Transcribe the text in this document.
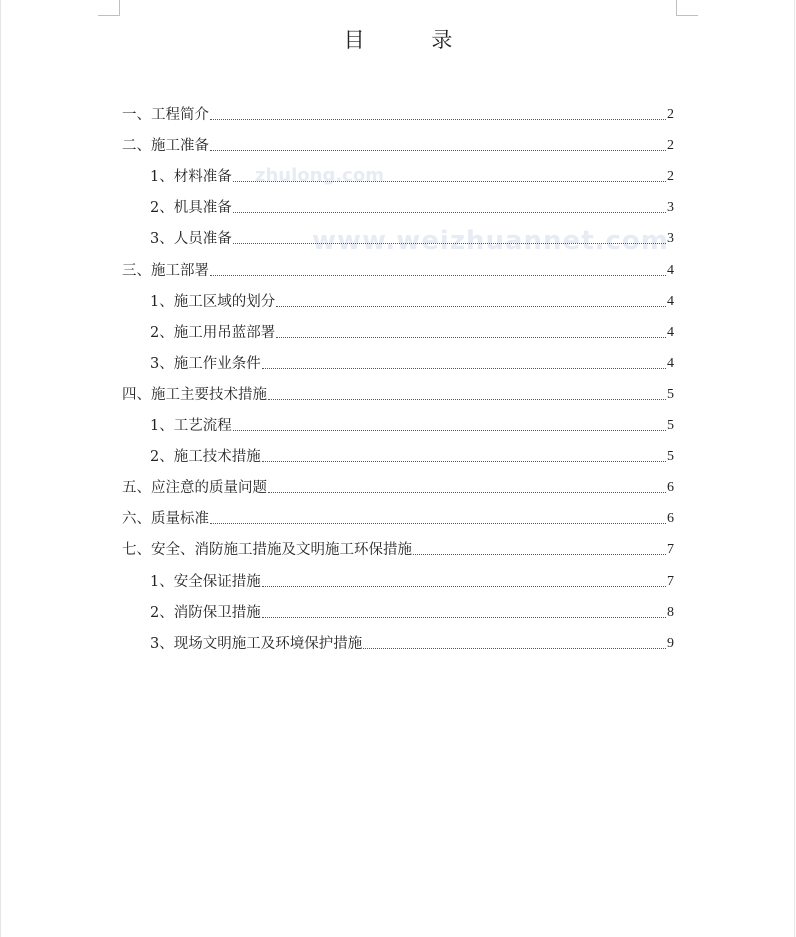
目 录
zhulong.com
www.weizhuannet.com
一、工程简介	2
二、施工准备	2
1、材料准备	2
2、机具准备	3
3、人员准备	3
三、施工部署	4
1、施工区域的划分	4
2、施工用吊蓝部署	4
3、施工作业条件	4
四、施工主要技术措施	5
1、工艺流程	5
2、施工技术措施	5
五、应注意的质量问题	6
六、质量标准	6
七、安全、消防施工措施及文明施工环保措施	7
1、安全保证措施	7
2、消防保卫措施	8
3、现场文明施工及环境保护措施	9
